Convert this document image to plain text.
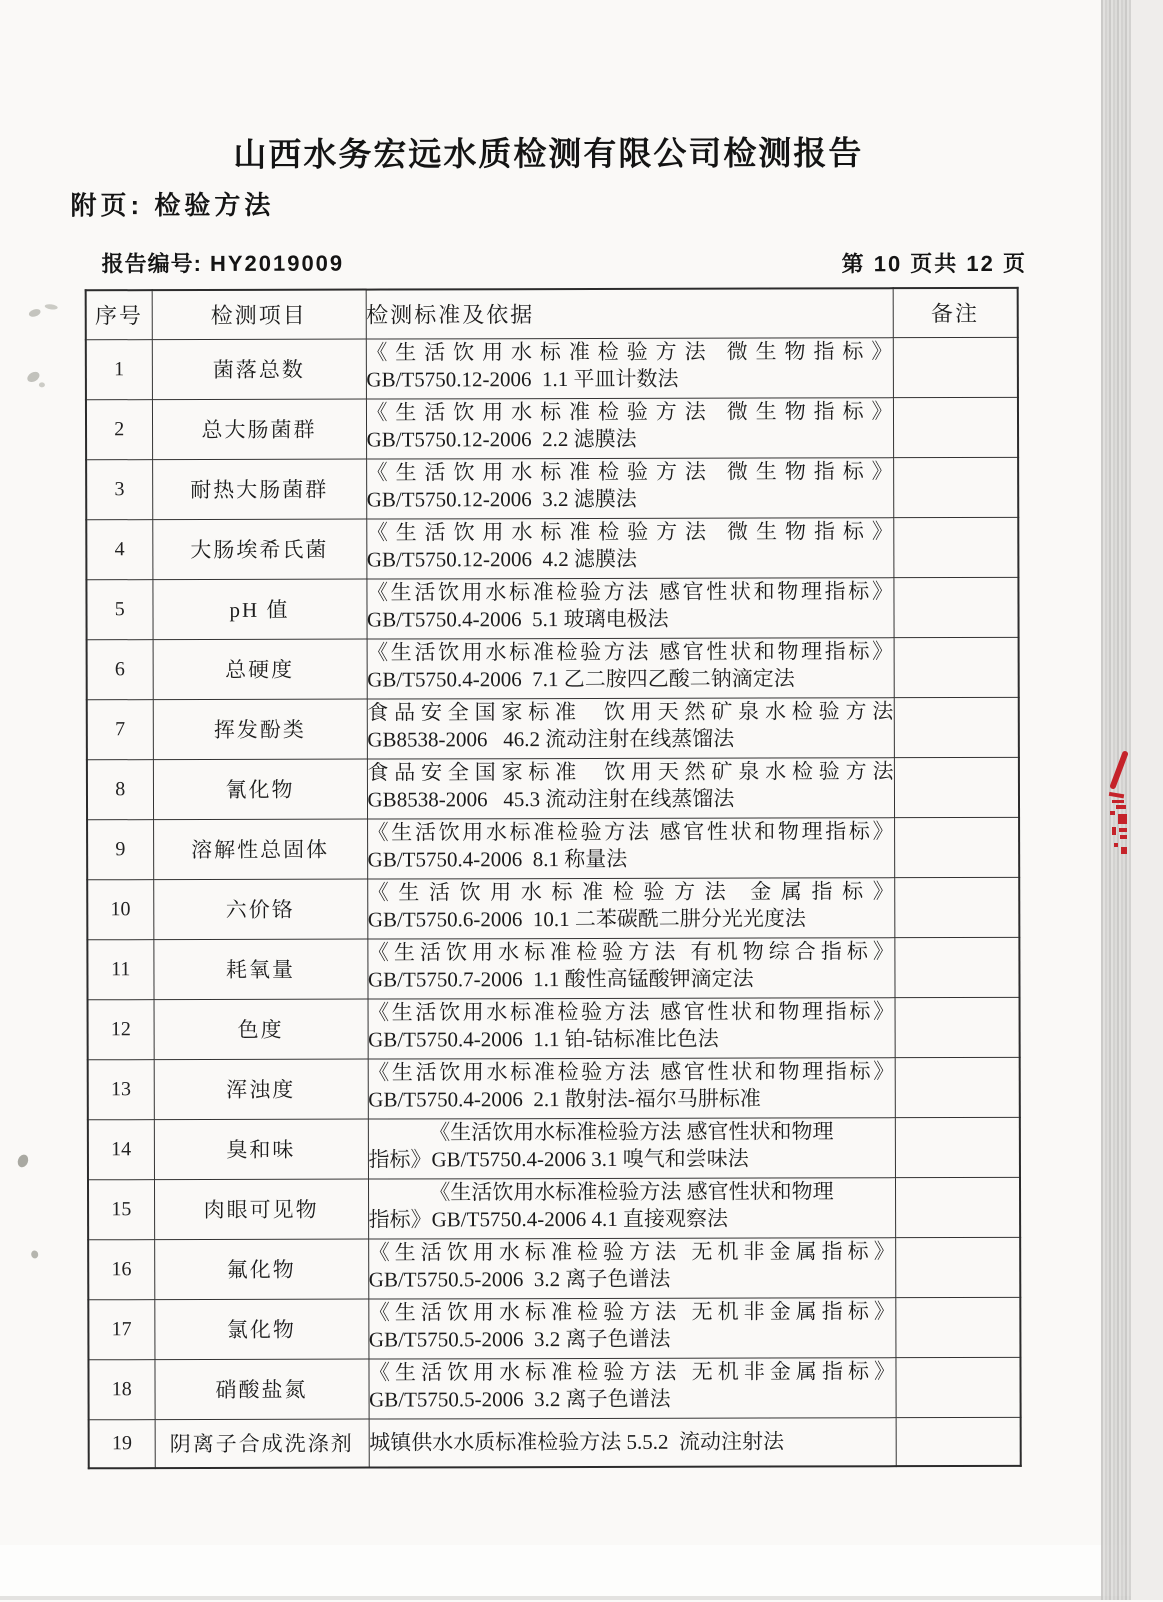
山西水务宏远水质检测有限公司检测报告
附页: 检验方法
报告编号: HY2019009	第 10 页共 12 页
序号	检测项目	检测标准及依据	备注
1	菌落总数	《生活饮用水标准检验方法 微生物指标》
GB/T5750.12-2006  1.1 平皿计数法	

2	总大肠菌群	《生活饮用水标准检验方法 微生物指标》
GB/T5750.12-2006  2.2 滤膜法	

3	耐热大肠菌群	《生活饮用水标准检验方法 微生物指标》
GB/T5750.12-2006  3.2 滤膜法	

4	大肠埃希氏菌	《生活饮用水标准检验方法 微生物指标》
GB/T5750.12-2006  4.2 滤膜法	

5	pH 值	《生活饮用水标准检验方法 感官性状和物理指标》
GB/T5750.4-2006  5.1 玻璃电极法	

6	总硬度	《生活饮用水标准检验方法 感官性状和物理指标》
GB/T5750.4-2006  7.1 乙二胺四乙酸二钠滴定法	

7	挥发酚类	食品安全国家标准  饮用天然矿泉水检验方法
GB8538-2006   46.2 流动注射在线蒸馏法	

8	氰化物	食品安全国家标准  饮用天然矿泉水检验方法
GB8538-2006   45.3 流动注射在线蒸馏法	

9	溶解性总固体	《生活饮用水标准检验方法 感官性状和物理指标》
GB/T5750.4-2006  8.1 称量法	

10	六价铬	《生活饮用水标准检验方法 金属指标》
GB/T5750.6-2006  10.1 二苯碳酰二肼分光光度法	

11	耗氧量	《生活饮用水标准检验方法 有机物综合指标》
GB/T5750.7-2006  1.1 酸性高锰酸钾滴定法	

12	色度	《生活饮用水标准检验方法 感官性状和物理指标》
GB/T5750.4-2006  1.1 铂-钴标准比色法	

13	浑浊度	《生活饮用水标准检验方法 感官性状和物理指标》
GB/T5750.4-2006  2.1 散射法-福尔马肼标准	

14	臭和味	《生活饮用水标准检验方法 感官性状和物理
指标》GB/T5750.4-2006 3.1 嗅气和尝味法	

15	肉眼可见物	《生活饮用水标准检验方法 感官性状和物理
指标》GB/T5750.4-2006 4.1 直接观察法	

16	氟化物	《生活饮用水标准检验方法 无机非金属指标》
GB/T5750.5-2006  3.2 离子色谱法	

17	氯化物	《生活饮用水标准检验方法 无机非金属指标》
GB/T5750.5-2006  3.2 离子色谱法	

18	硝酸盐氮	《生活饮用水标准检验方法 无机非金属指标》
GB/T5750.5-2006  3.2 离子色谱法	

19	阴离子合成洗涤剂	城镇供水水质标准检验方法 5.5.2  流动注射法	
